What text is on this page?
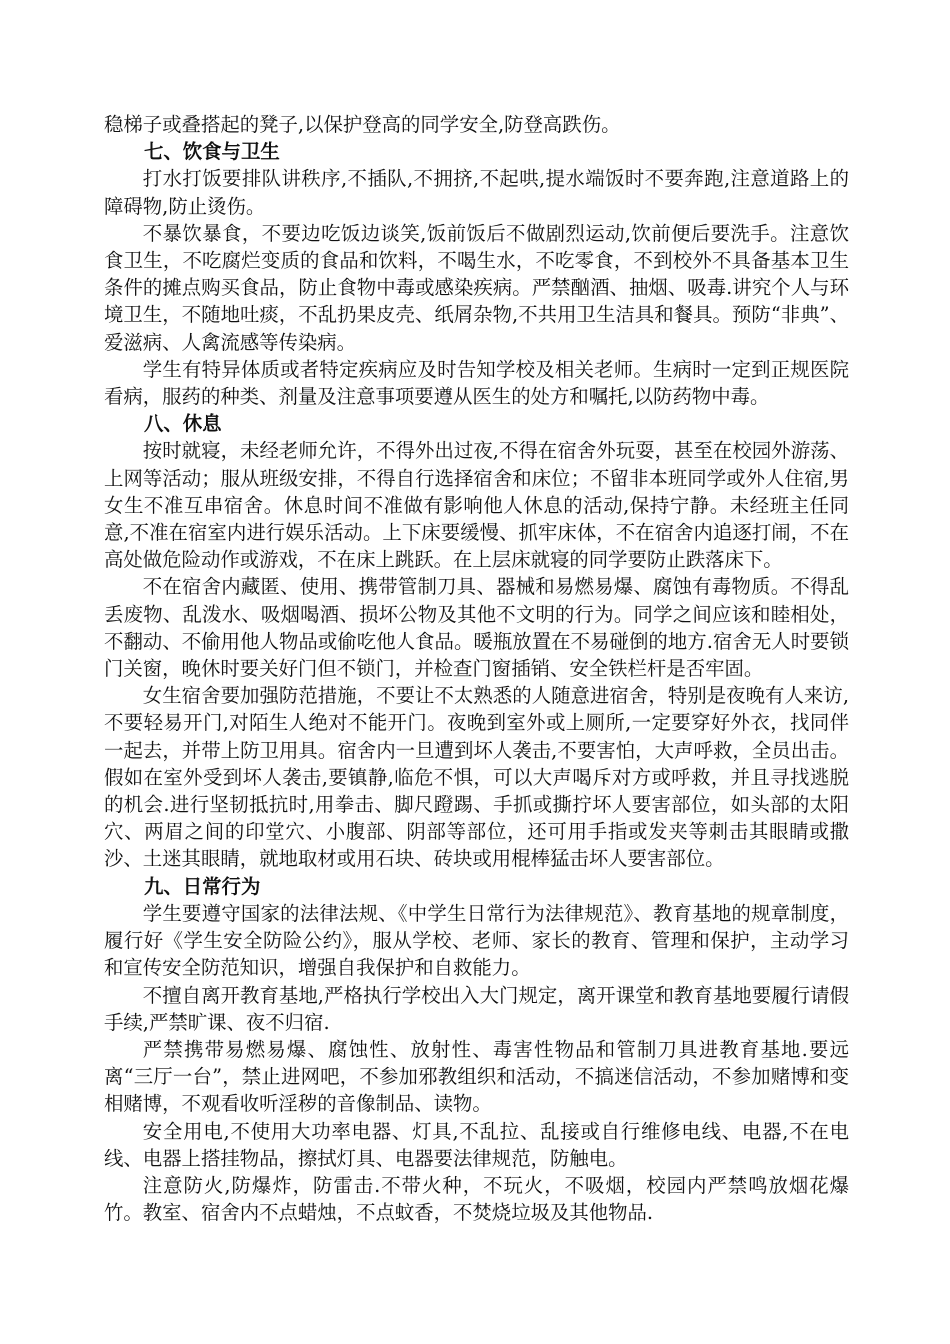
稳梯子或叠搭起的凳子,以保护登高的同学安全,防登高跌伤。

七、饮食与卫生

打水打饭要排队讲秩序,不插队,不拥挤,不起哄,提水端饭时不要奔跑,注意道路上的障碍物,防止烫伤。

不暴饮暴食，不要边吃饭边谈笑,饭前饭后不做剧烈运动,饮前便后要洗手。注意饮食卫生，不吃腐烂变质的食品和饮料，不喝生水，不吃零食，不到校外不具备基本卫生条件的摊点购买食品，防止食物中毒或感染疾病。严禁酗酒、抽烟、吸毒.讲究个人与环境卫生，不随地吐痰，不乱扔果皮壳、纸屑杂物,不共用卫生洁具和餐具。预防“非典”、爱滋病、人禽流感等传染病。

学生有特异体质或者特定疾病应及时告知学校及相关老师。生病时一定到正规医院看病，服药的种类、剂量及注意事项要遵从医生的处方和嘱托,以防药物中毒。

八、休息

按时就寝，未经老师允许，不得外出过夜,不得在宿舍外玩耍，甚至在校园外游荡、上网等活动；服从班级安排，不得自行选择宿舍和床位；不留非本班同学或外人住宿,男女生不准互串宿舍。休息时间不准做有影响他人休息的活动,保持宁静。未经班主任同意,不准在宿室内进行娱乐活动。上下床要缓慢、抓牢床体，不在宿舍内追逐打闹，不在高处做危险动作或游戏，不在床上跳跃。在上层床就寝的同学要防止跌落床下。

不在宿舍内藏匿、使用、携带管制刀具、器械和易燃易爆、腐蚀有毒物质。不得乱丢废物、乱泼水、吸烟喝酒、损坏公物及其他不文明的行为。同学之间应该和睦相处，不翻动、不偷用他人物品或偷吃他人食品。暖瓶放置在不易碰倒的地方.宿舍无人时要锁门关窗，晚休时要关好门但不锁门，并检查门窗插销、安全铁栏杆是否牢固。

女生宿舍要加强防范措施，不要让不太熟悉的人随意进宿舍，特别是夜晚有人来访,不要轻易开门,对陌生人绝对不能开门。夜晚到室外或上厕所,一定要穿好外衣，找同伴一起去，并带上防卫用具。宿舍内一旦遭到坏人袭击,不要害怕，大声呼救，全员出击。假如在室外受到坏人袭击,要镇静,临危不惧，可以大声喝斥对方或呼救，并且寻找逃脱的机会.进行坚韧抵抗时,用拳击、脚尺蹬踢、手抓或撕拧坏人要害部位，如头部的太阳穴、两眉之间的印堂穴、小腹部、阴部等部位，还可用手指或发夹等刺击其眼睛或撒沙、土迷其眼睛，就地取材或用石块、砖块或用棍棒猛击坏人要害部位。

九、日常行为

学生要遵守国家的法律法规、《中学生日常行为法律规范》、教育基地的规章制度，履行好《学生安全防险公约》，服从学校、老师、家长的教育、管理和保护，主动学习和宣传安全防范知识，增强自我保护和自救能力。

不擅自离开教育基地,严格执行学校出入大门规定，离开课堂和教育基地要履行请假手续,严禁旷课、夜不归宿.

严禁携带易燃易爆、腐蚀性、放射性、毒害性物品和管制刀具进教育基地.要远离“三厅一台”，禁止进网吧，不参加邪教组织和活动，不搞迷信活动，不参加赌博和变相赌博，不观看收听淫秽的音像制品、读物。

安全用电,不使用大功率电器、灯具,不乱拉、乱接或自行维修电线、电器,不在电线、电器上搭挂物品，擦拭灯具、电器要法律规范，防触电。

注意防火,防爆炸，防雷击.不带火种，不玩火，不吸烟，校园内严禁鸣放烟花爆竹。教室、宿舍内不点蜡烛，不点蚊香，不焚烧垃圾及其他物品.
